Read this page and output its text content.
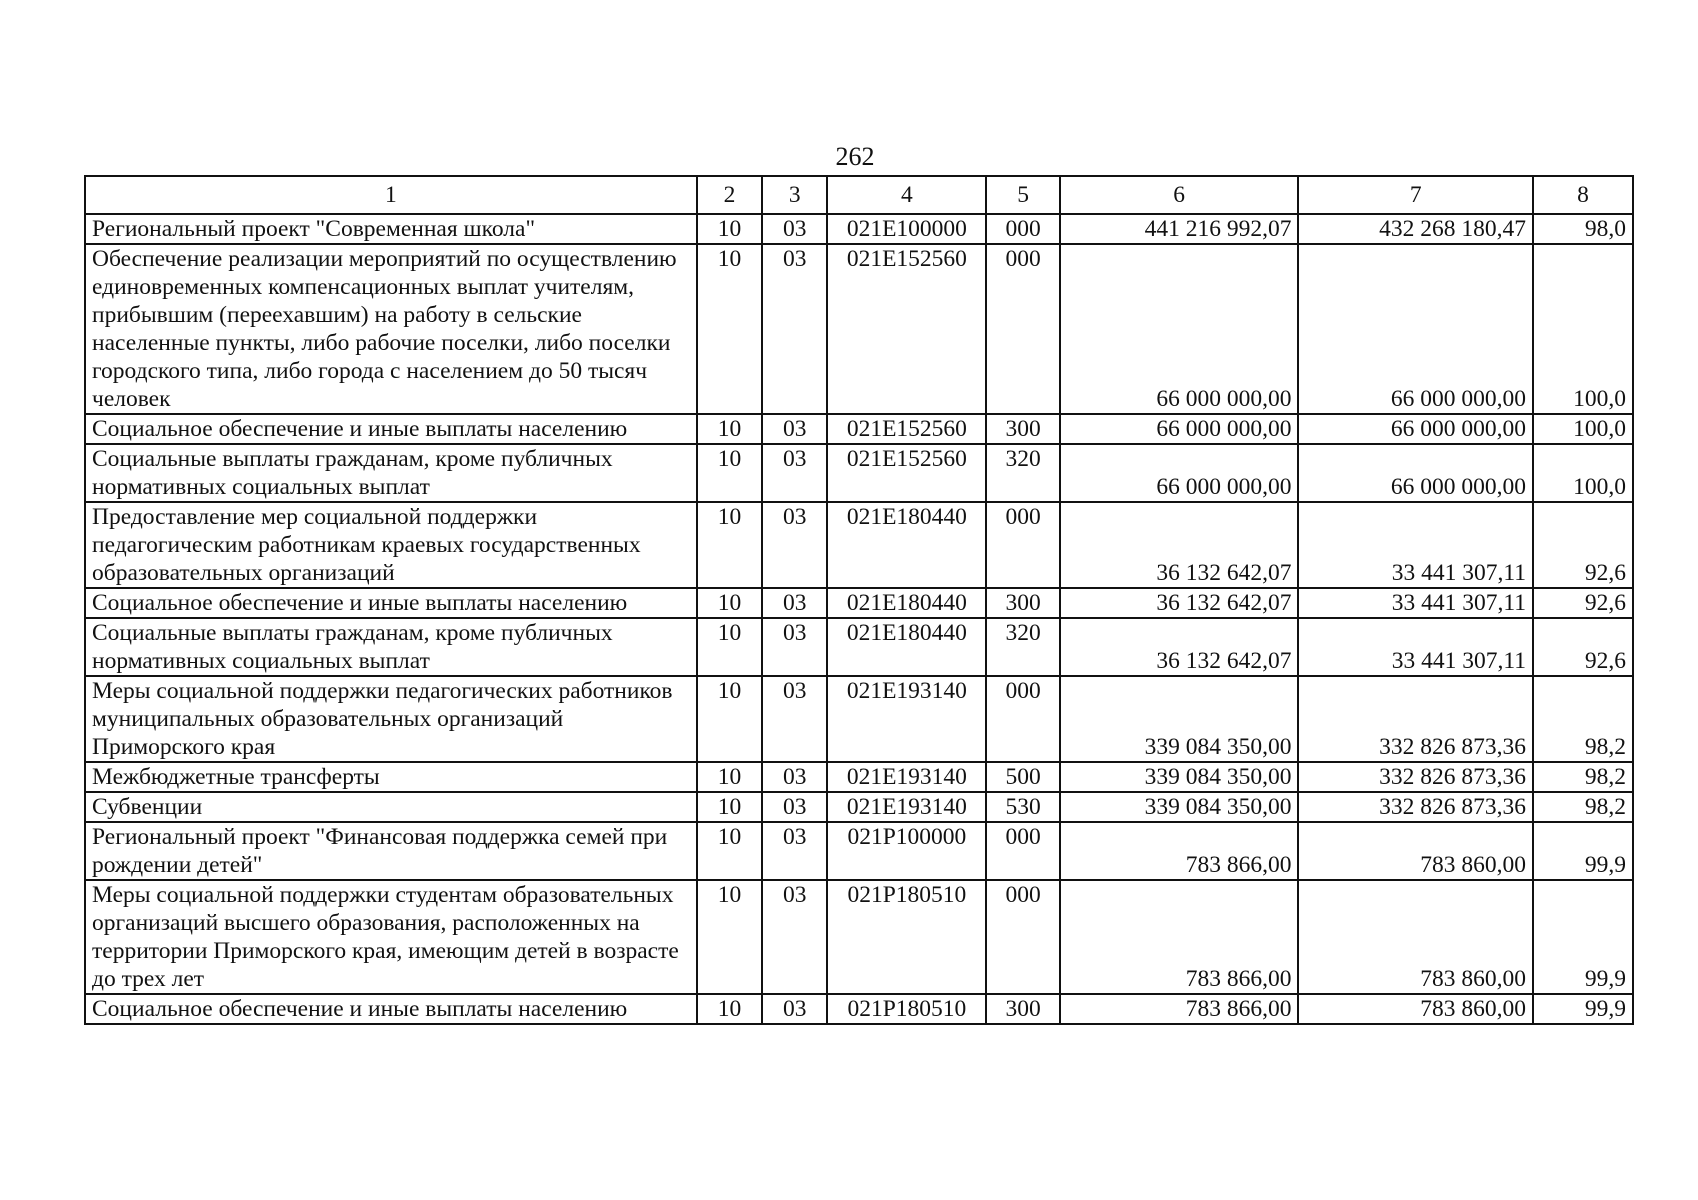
262
1	2	3	4	5	6	7	8
Региональный проект "Современная школа"	10	03	021E100000	000	441 216 992,07	432 268 180,47	98,0
Обеспечение реализации мероприятий по осуществлению единовременных компенсационных выплат учителям, прибывшим (переехавшим) на работу в сельские населенные пункты, либо рабочие поселки, либо поселки городского типа, либо города с населением до 50 тысяч человек	10	03	021E152560	000	66 000 000,00	66 000 000,00	100,0
Социальное обеспечение и иные выплаты населению	10	03	021E152560	300	66 000 000,00	66 000 000,00	100,0
Социальные выплаты гражданам, кроме публичных нормативных социальных выплат	10	03	021E152560	320	66 000 000,00	66 000 000,00	100,0
Предоставление мер социальной поддержки педагогическим работникам краевых государственных образовательных организаций	10	03	021E180440	000	36 132 642,07	33 441 307,11	92,6
Социальное обеспечение и иные выплаты населению	10	03	021E180440	300	36 132 642,07	33 441 307,11	92,6
Социальные выплаты гражданам, кроме публичных нормативных социальных выплат	10	03	021E180440	320	36 132 642,07	33 441 307,11	92,6
Меры социальной поддержки педагогических работников муниципальных образовательных организаций Приморского края	10	03	021E193140	000	339 084 350,00	332 826 873,36	98,2
Межбюджетные трансферты	10	03	021E193140	500	339 084 350,00	332 826 873,36	98,2
Субвенции	10	03	021E193140	530	339 084 350,00	332 826 873,36	98,2
Региональный проект "Финансовая поддержка семей при рождении детей"	10	03	021P100000	000	783 866,00	783 860,00	99,9
Меры социальной поддержки студентам образовательных организаций высшего образования, расположенных на территории Приморского края, имеющим детей в возрасте до трех лет	10	03	021P180510	000	783 866,00	783 860,00	99,9
Социальное обеспечение и иные выплаты населению	10	03	021P180510	300	783 866,00	783 860,00	99,9
